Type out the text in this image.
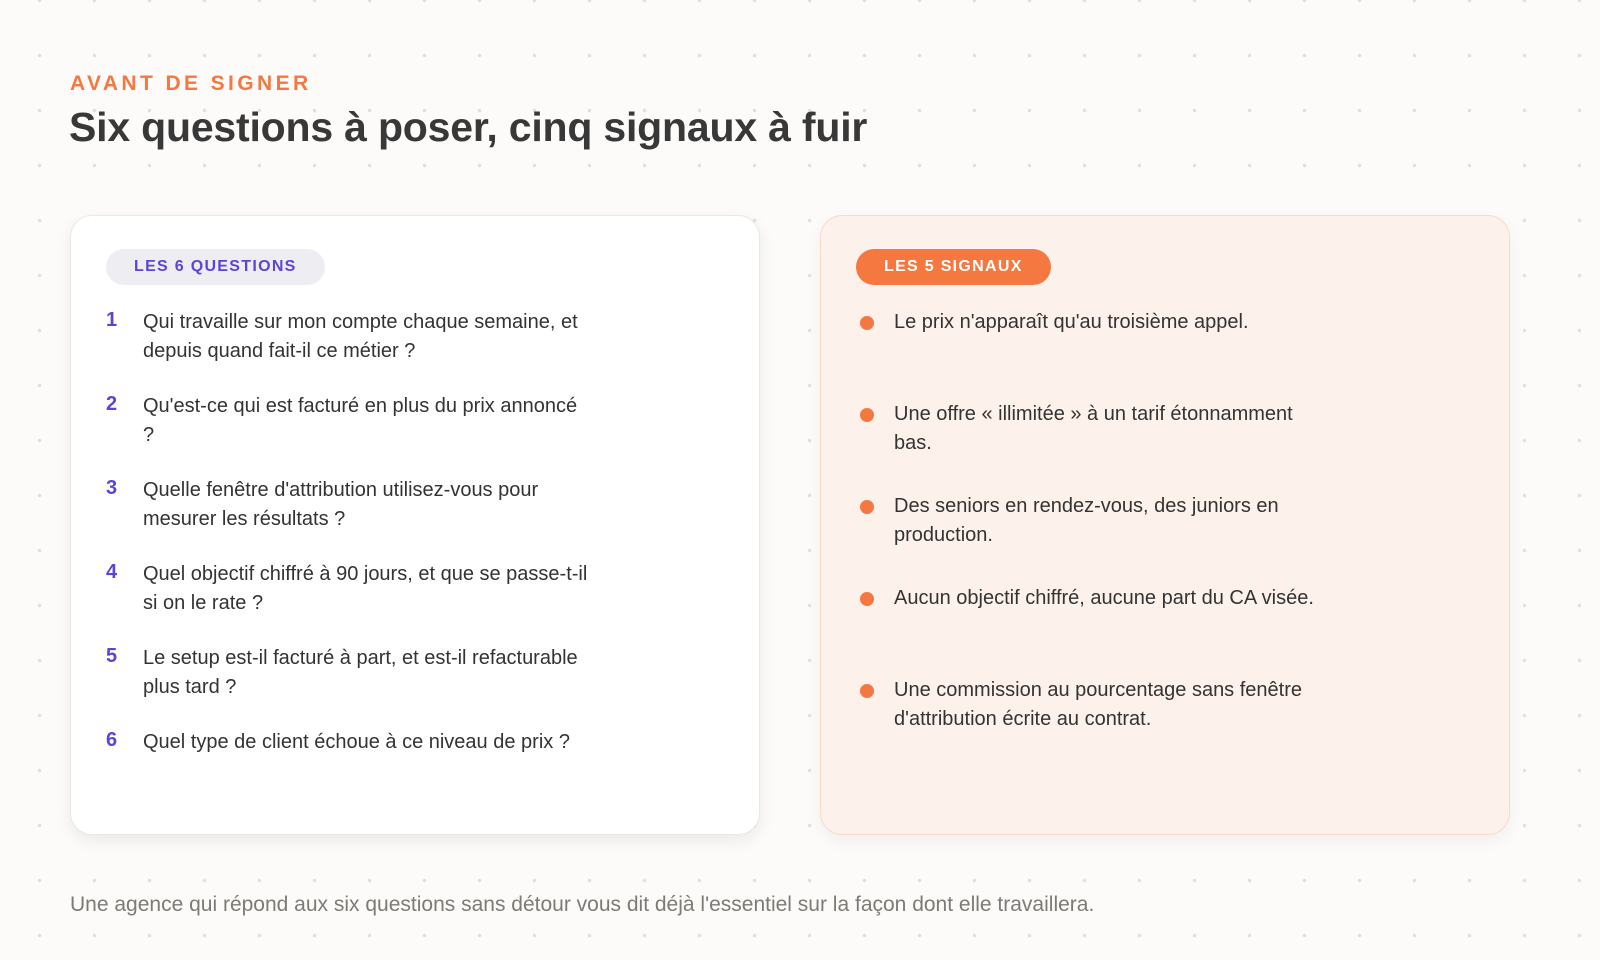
AVANT DE SIGNER
Six questions à poser, cinq signaux à fuir
LES 6 QUESTIONS
1 Qui travaille sur mon compte chaque semaine, et depuis quand fait-il ce métier ?
2 Qu'est-ce qui est facturé en plus du prix annoncé ?
3 Quelle fenêtre d'attribution utilisez-vous pour mesurer les résultats ?
4 Quel objectif chiffré à 90 jours, et que se passe-t-il si on le rate ?
5 Le setup est-il facturé à part, et est-il refacturable plus tard ?
6 Quel type de client échoue à ce niveau de prix ?
LES 5 SIGNAUX
Le prix n'apparaît qu'au troisième appel.
Une offre « illimitée » à un tarif étonnamment bas.
Des seniors en rendez-vous, des juniors en production.
Aucun objectif chiffré, aucune part du CA visée.
Une commission au pourcentage sans fenêtre d'attribution écrite au contrat.

Une agence qui répond aux six questions sans détour vous dit déjà l'essentiel sur la façon dont elle travaillera.
